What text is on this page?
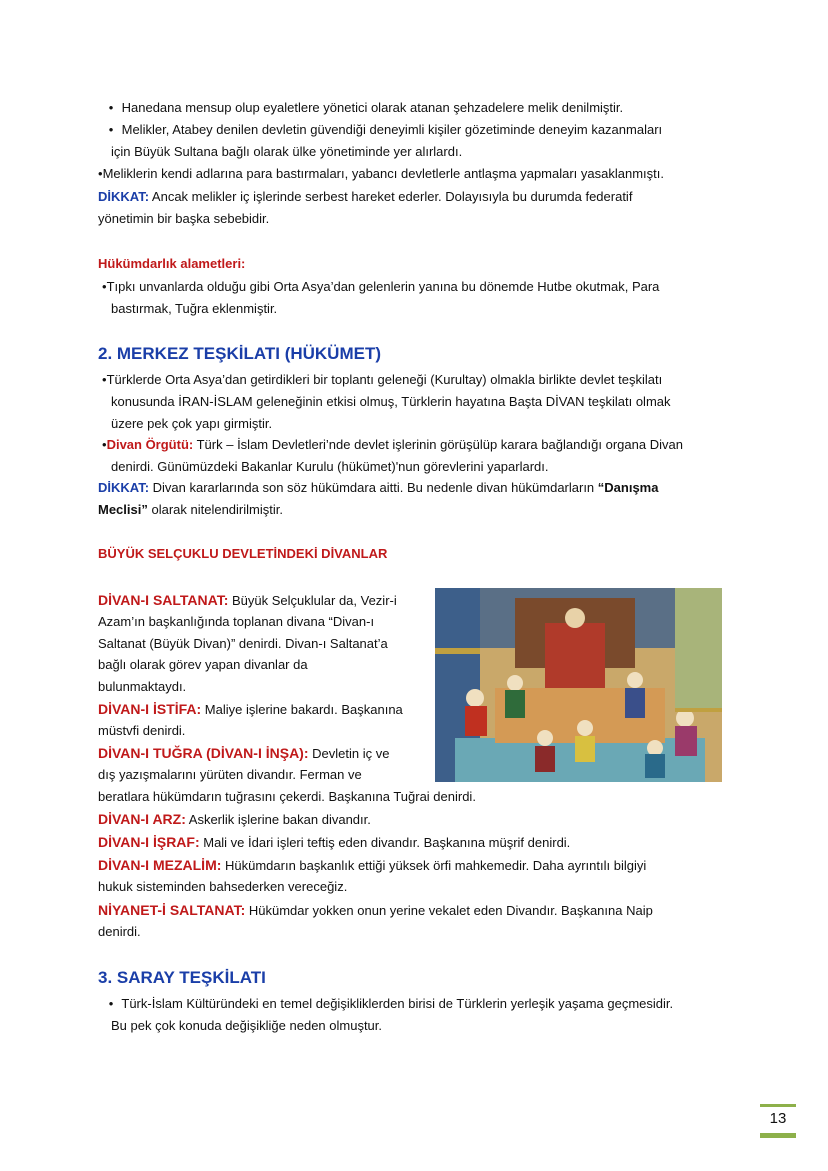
• Hanedana mensup olup eyaletlere yönetici olarak atanan şehzadelere melik denilmiştir.
• Melikler, Atabey denilen devletin güvendiği deneyimli kişiler gözetiminde deneyim kazanmaları
için Büyük Sultana bağlı olarak ülke yönetiminde yer alırlardı.
•Meliklerin kendi adlarına para bastırmaları, yabancı devletlerle antlaşma yapmaları yasaklanmıştı.
DİKKAT: Ancak melikler iç işlerinde serbest hareket ederler. Dolayısıyla bu durumda federatif
yönetimin bir başka sebebidir.
Hükümdarlık alametleri:
•Tıpkı unvanlarda olduğu gibi Orta Asya’dan gelenlerin yanına bu dönemde Hutbe okutmak, Para
bastırmak, Tuğra eklenmiştir.
2. MERKEZ TEŞKİLATI (HÜKÜMET)
•Türklerde Orta Asya’dan getirdikleri bir toplantı geleneği (Kurultay) olmakla birlikte devlet teşkilatı
konusunda İRAN-İSLAM geleneğinin etkisi olmuş, Türklerin hayatına Başta DİVAN teşkilatı olmak
üzere pek çok yapı girmiştir.
•Divan Örgütü: Türk – İslam Devletleri’nde devlet işlerinin görüşülüp karara bağlandığı organa Divan
denirdi. Günümüzdeki Bakanlar Kurulu (hükümet)'nun görevlerini yaparlardı.
DİKKAT: Divan kararlarında son söz hükümdara aitti. Bu nedenle divan hükümdarların “Danışma
Meclisi” olarak nitelendirilmiştir.
BÜYÜK SELÇUKLU DEVLETİNDEKİ DİVANLAR
DİVAN-I SALTANAT: Büyük Selçuklular da, Vezir-i
Azam’ın başkanlığında toplanan divana “Divan-ı
Saltanat (Büyük Divan)” denirdi. Divan-ı Saltanat’a
bağlı olarak görev yapan divanlar da
bulunmaktaydı.
DİVAN-I İSTİFA: Maliye işlerine bakardı. Başkanına
müstvfi denirdi.
DİVAN-I TUĞRA (DİVAN-I İNŞA): Devletin iç ve
dış yazışmalarını yürüten divandır. Ferman ve
beratlara hükümdarın tuğrasını çekerdi. Başkanına Tuğrai denirdi.
DİVAN-I ARZ: Askerlik işlerine bakan divandır.
DİVAN-I İŞRAF: Mali ve İdari işleri teftiş eden divandır. Başkanına müşrif denirdi.
DİVAN-I MEZALİM: Hükümdarın başkanlık ettiği yüksek örfi mahkemedir. Daha ayrıntılı bilgiyi
hukuk sisteminden bahsederken vereceğiz.
NİYANET-İ SALTANAT: Hükümdar yokken onun yerine vekalet eden Divandır. Başkanına Naip
denirdi.
3. SARAY TEŞKİLATI
• Türk-İslam Kültüründeki en temel değişikliklerden birisi de Türklerin yerleşik yaşama geçmesidir.
Bu pek çok konuda değişikliğe neden olmuştur.
13
